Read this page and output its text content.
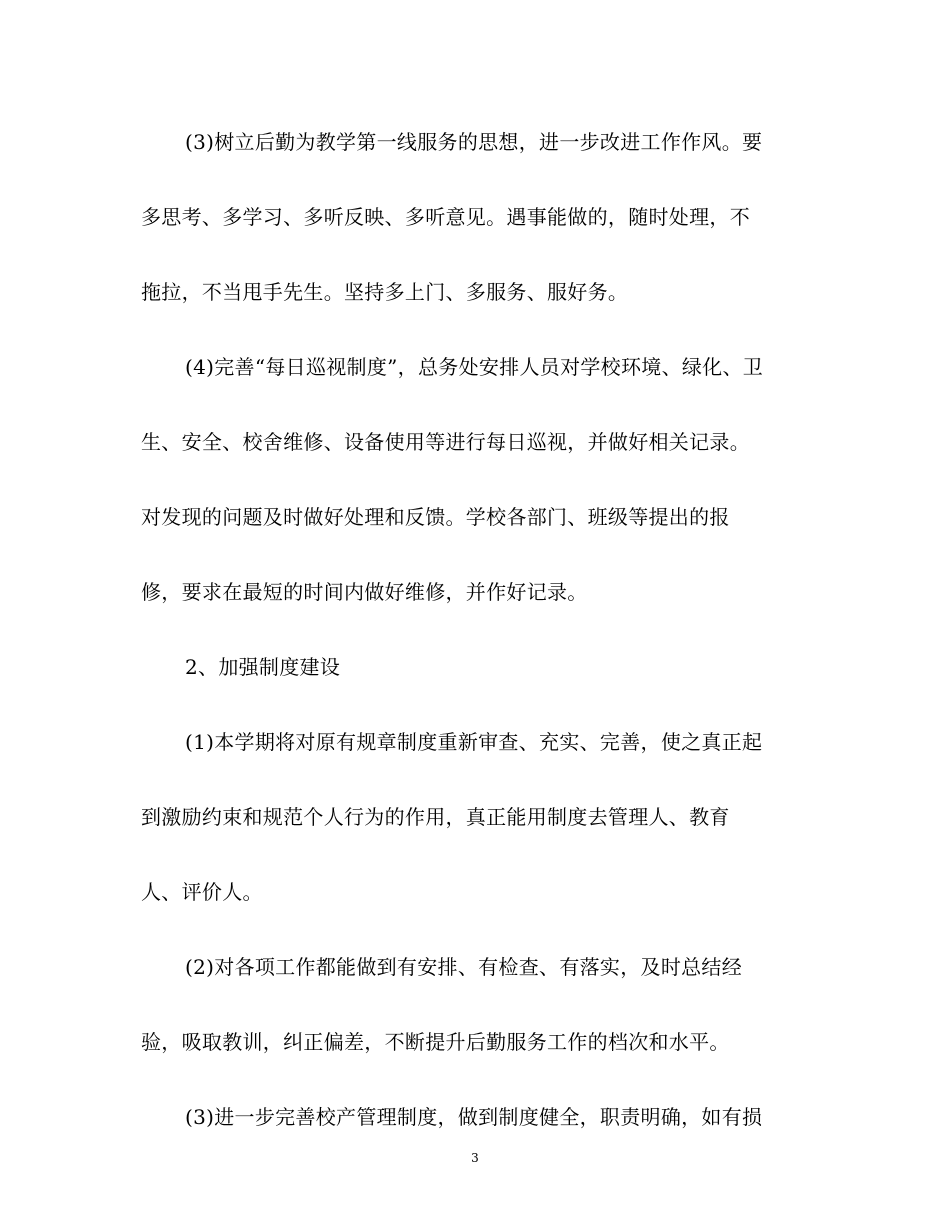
(3)树立后勤为教学第一线服务的思想，进一步改进工作作风。要
多思考、多学习、多听反映、多听意见。遇事能做的，随时处理，不
拖拉，不当甩手先生。坚持多上门、多服务、服好务。
(4)完善“每日巡视制度”，总务处安排人员对学校环境、绿化、卫
生、安全、校舍维修、设备使用等进行每日巡视，并做好相关记录。
对发现的问题及时做好处理和反馈。学校各部门、班级等提出的报
修，要求在最短的时间内做好维修，并作好记录。
2、加强制度建设
(1)本学期将对原有规章制度重新审查、充实、完善，使之真正起
到激励约束和规范个人行为的作用，真正能用制度去管理人、教育
人、评价人。
(2)对各项工作都能做到有安排、有检查、有落实，及时总结经
验，吸取教训，纠正偏差，不断提升后勤服务工作的档次和水平。
(3)进一步完善校产管理制度，做到制度健全，职责明确，如有损
3
